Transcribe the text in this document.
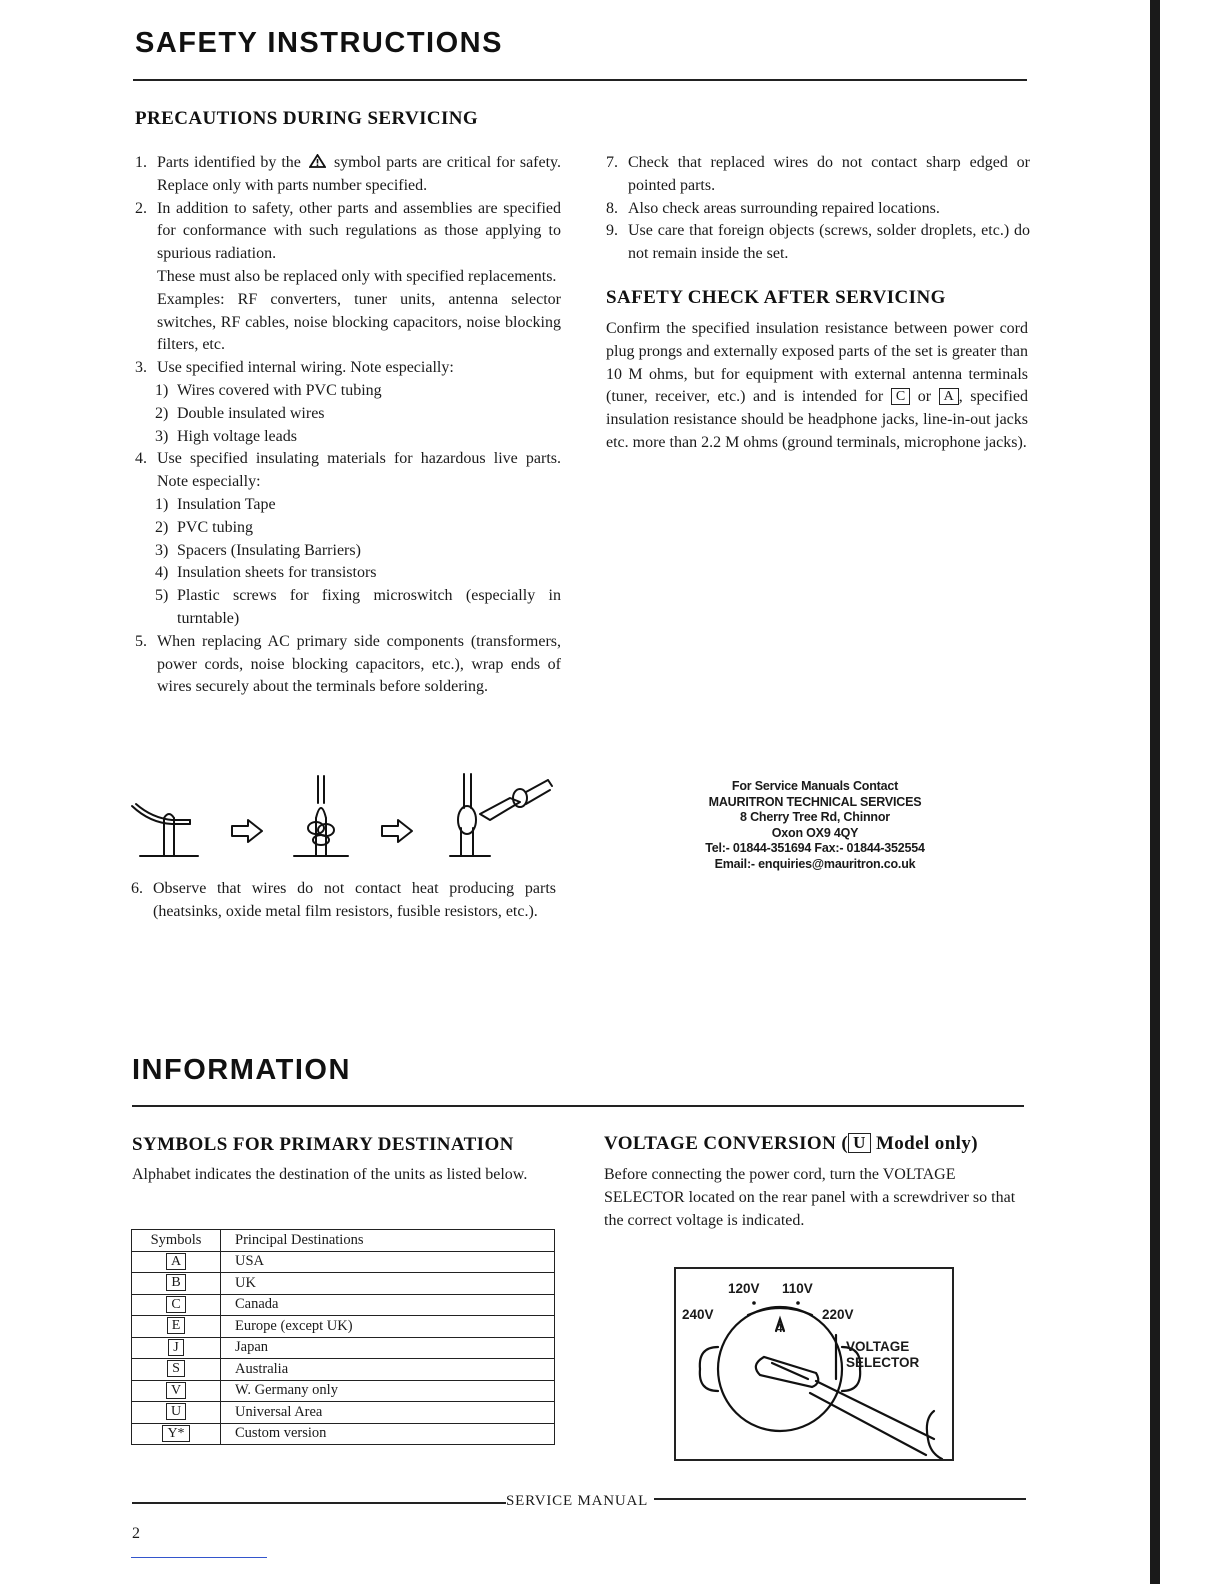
SAFETY INSTRUCTIONS
PRECAUTIONS DURING SERVICING
1. Parts identified by the symbol parts are critical for safety. Replace only with parts number specified.
2. In addition to safety, other parts and assemblies are specified for conformance with such regulations as those applying to spurious radiation.
These must also be replaced only with specified replacements.
Examples: RF converters, tuner units, antenna selector switches, RF cables, noise blocking capacitors, noise blocking filters, etc.
3. Use specified internal wiring. Note especially:
1) Wires covered with PVC tubing
2) Double insulated wires
3) High voltage leads
4. Use specified insulating materials for hazardous live parts. Note especially:
1) Insulation Tape
2) PVC tubing
3) Spacers (Insulating Barriers)
4) Insulation sheets for transistors
5) Plastic screws for fixing microswitch (especially in turntable)
5. When replacing AC primary side components (transformers, power cords, noise blocking capacitors, etc.), wrap ends of wires securely about the terminals before soldering.
6. Observe that wires do not contact heat producing parts (heatsinks, oxide metal film resistors, fusible resistors, etc.).
7. Check that replaced wires do not contact sharp edged or pointed parts.
8. Also check areas surrounding repaired locations.
9. Use care that foreign objects (screws, solder droplets, etc.) do not remain inside the set.
SAFETY CHECK AFTER SERVICING
Confirm the specified insulation resistance between power cord plug prongs and externally exposed parts of the set is greater than 10 M ohms, but for equipment with external antenna terminals (tuner, receiver, etc.) and is intended for C or A , specified insulation resistance should be headphone jacks, line-in-out jacks etc. more than 2.2 M ohms (ground terminals, microphone jacks).
For Service Manuals Contact
MAURITRON TECHNICAL SERVICES
8 Cherry Tree Rd, Chinnor
Oxon OX9 4QY
Tel:- 01844-351694 Fax:- 01844-352554
Email:- enquiries@mauritron.co.uk
INFORMATION
SYMBOLS FOR PRIMARY DESTINATION
Alphabet indicates the destination of the units as listed below.
Symbols	Principal Destinations
A	USA
B	UK
C	Canada
E	Europe (except UK)
J	Japan
S	Australia
V	W. Germany only
U	Universal Area
Y*	Custom version
VOLTAGE CONVERSION ( U Model only)
Before connecting the power cord, turn the VOLTAGE SELECTOR located on the rear panel with a screwdriver so that the correct voltage is indicated.
120V 110V
240V	220V
4
VOLTAGE
SELECTOR
SERVICE MANUAL
2
